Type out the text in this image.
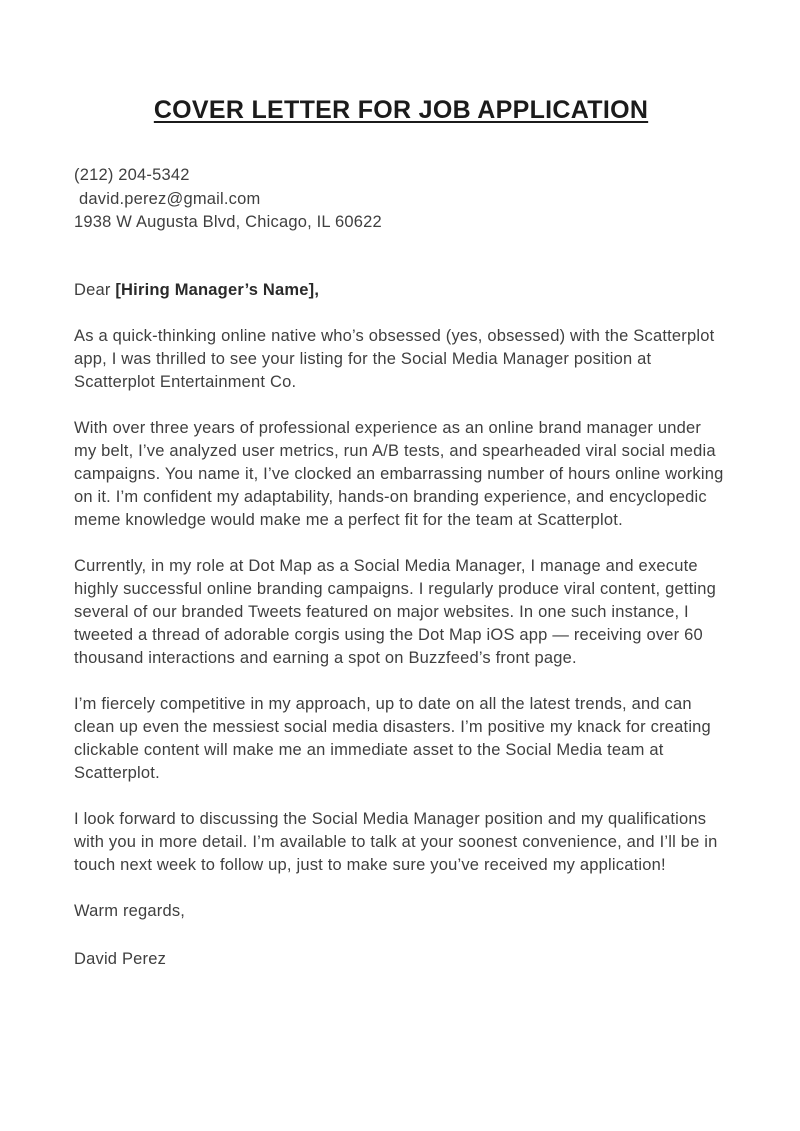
COVER LETTER FOR JOB APPLICATION
(212) 204-5342
david.perez@gmail.com
1938 W Augusta Blvd, Chicago, IL 60622

Dear [Hiring Manager’s Name],

As a quick-thinking online native who’s obsessed (yes, obsessed) with the Scatterplot app, I was thrilled to see your listing for the Social Media Manager position at Scatterplot Entertainment Co.

With over three years of professional experience as an online brand manager under my belt, I’ve analyzed user metrics, run A/B tests, and spearheaded viral social media campaigns. You name it, I’ve clocked an embarrassing number of hours online working on it. I’m confident my adaptability, hands-on branding experience, and encyclopedic meme knowledge would make me a perfect fit for the team at Scatterplot.

Currently, in my role at Dot Map as a Social Media Manager, I manage and execute highly successful online branding campaigns. I regularly produce viral content, getting several of our branded Tweets featured on major websites. In one such instance, I tweeted a thread of adorable corgis using the Dot Map iOS app — receiving over 60 thousand interactions and earning a spot on Buzzfeed’s front page.

I’m fiercely competitive in my approach, up to date on all the latest trends, and can clean up even the messiest social media disasters. I’m positive my knack for creating clickable content will make me an immediate asset to the Social Media team at Scatterplot.

I look forward to discussing the Social Media Manager position and my qualifications with you in more detail. I’m available to talk at your soonest convenience, and I’ll be in touch next week to follow up, just to make sure you’ve received my application!

Warm regards,

David Perez
